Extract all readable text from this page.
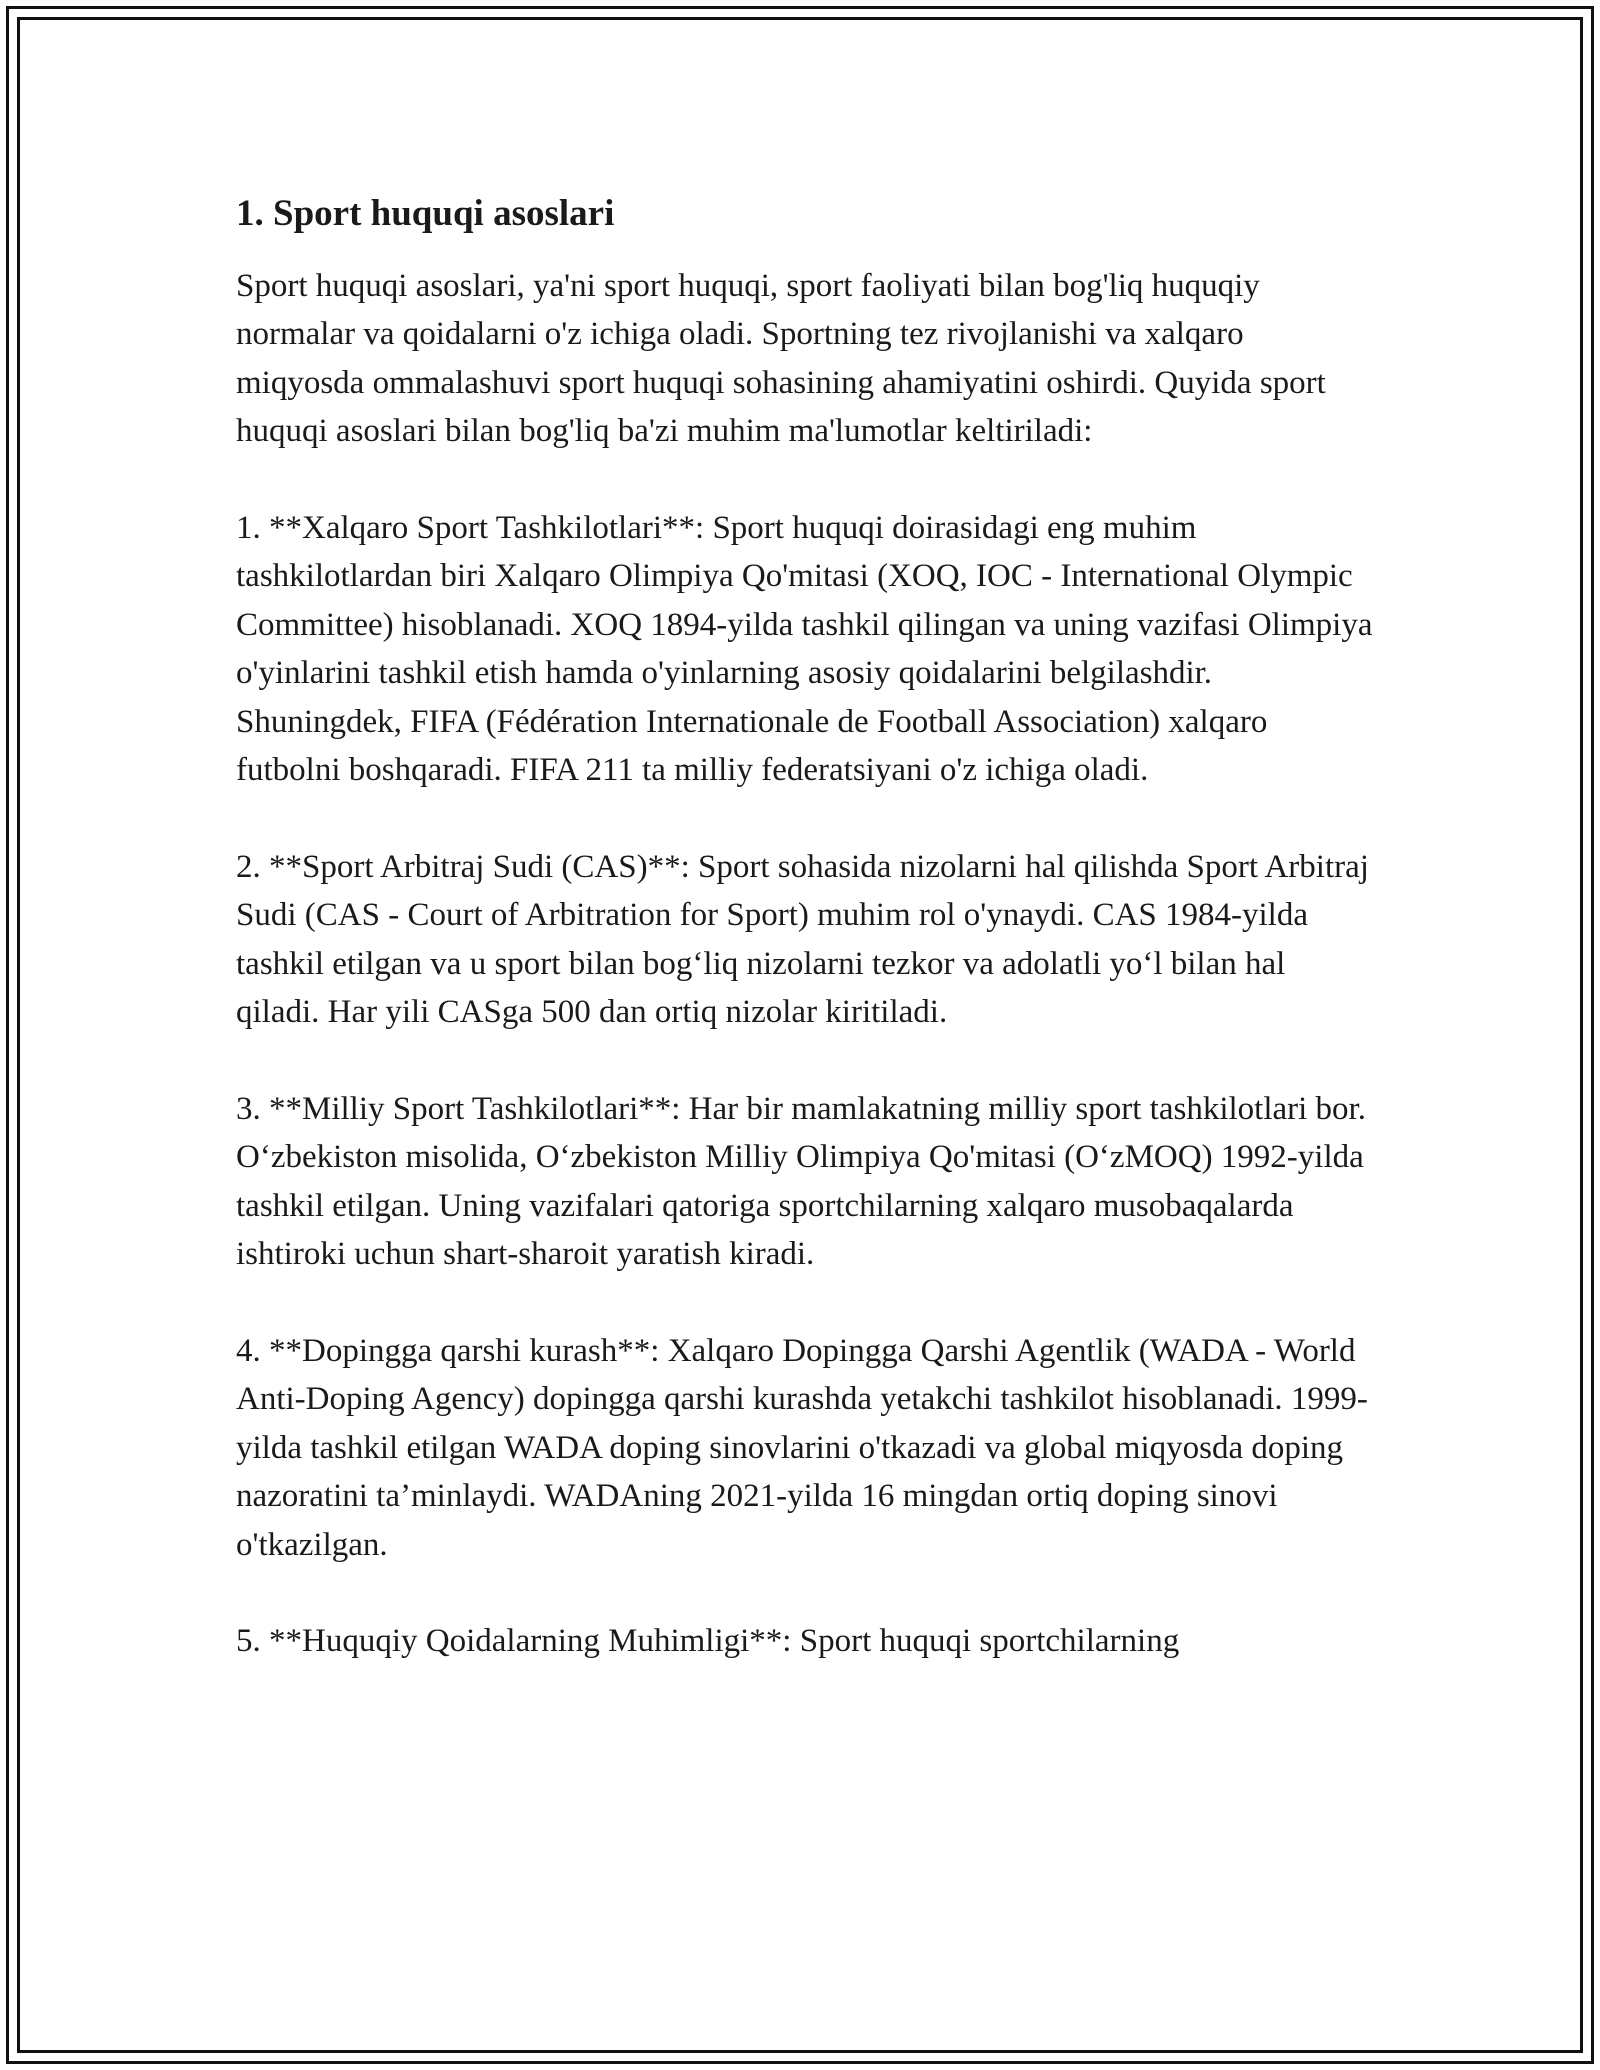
1. Sport huquqi asoslari

Sport huquqi asoslari, ya'ni sport huquqi, sport faoliyati bilan bog'liq huquqiy normalar va qoidalarni o'z ichiga oladi. Sportning tez rivojlanishi va xalqaro miqyosda ommalashuvi sport huquqi sohasining ahamiyatini oshirdi. Quyida sport huquqi asoslari bilan bog'liq ba'zi muhim ma'lumotlar keltiriladi:

1. **Xalqaro Sport Tashkilotlari**: Sport huquqi doirasidagi eng muhim tashkilotlardan biri Xalqaro Olimpiya Qo'mitasi (XOQ, IOC - International Olympic Committee) hisoblanadi. XOQ 1894-yilda tashkil qilingan va uning vazifasi Olimpiya o'yinlarini tashkil etish hamda o'yinlarning asosiy qoidalarini belgilashdir. Shuningdek, FIFA (Fédération Internationale de Football Association) xalqaro futbolni boshqaradi. FIFA 211 ta milliy federatsiyani o'z ichiga oladi.

2. **Sport Arbitraj Sudi (CAS)**: Sport sohasida nizolarni hal qilishda Sport Arbitraj Sudi (CAS - Court of Arbitration for Sport) muhim rol o'ynaydi. CAS 1984-yilda tashkil etilgan va u sport bilan bog‘liq nizolarni tezkor va adolatli yo‘l bilan hal qiladi. Har yili CASga 500 dan ortiq nizolar kiritiladi.

3. **Milliy Sport Tashkilotlari**: Har bir mamlakatning milliy sport tashkilotlari bor. O‘zbekiston misolida, O‘zbekiston Milliy Olimpiya Qo'mitasi (O‘zMOQ) 1992-yilda tashkil etilgan. Uning vazifalari qatoriga sportchilarning xalqaro musobaqalarda ishtiroki uchun shart-sharoit yaratish kiradi.

4. **Dopingga qarshi kurash**: Xalqaro Dopingga Qarshi Agentlik (WADA - World Anti-Doping Agency) dopingga qarshi kurashda yetakchi tashkilot hisoblanadi. 1999-yilda tashkil etilgan WADA doping sinovlarini o'tkazadi va global miqyosda doping nazoratini ta’minlaydi. WADAning 2021-yilda 16 mingdan ortiq doping sinovi o'tkazilgan.

5. **Huquqiy Qoidalarning Muhimligi**: Sport huquqi sportchilarning
